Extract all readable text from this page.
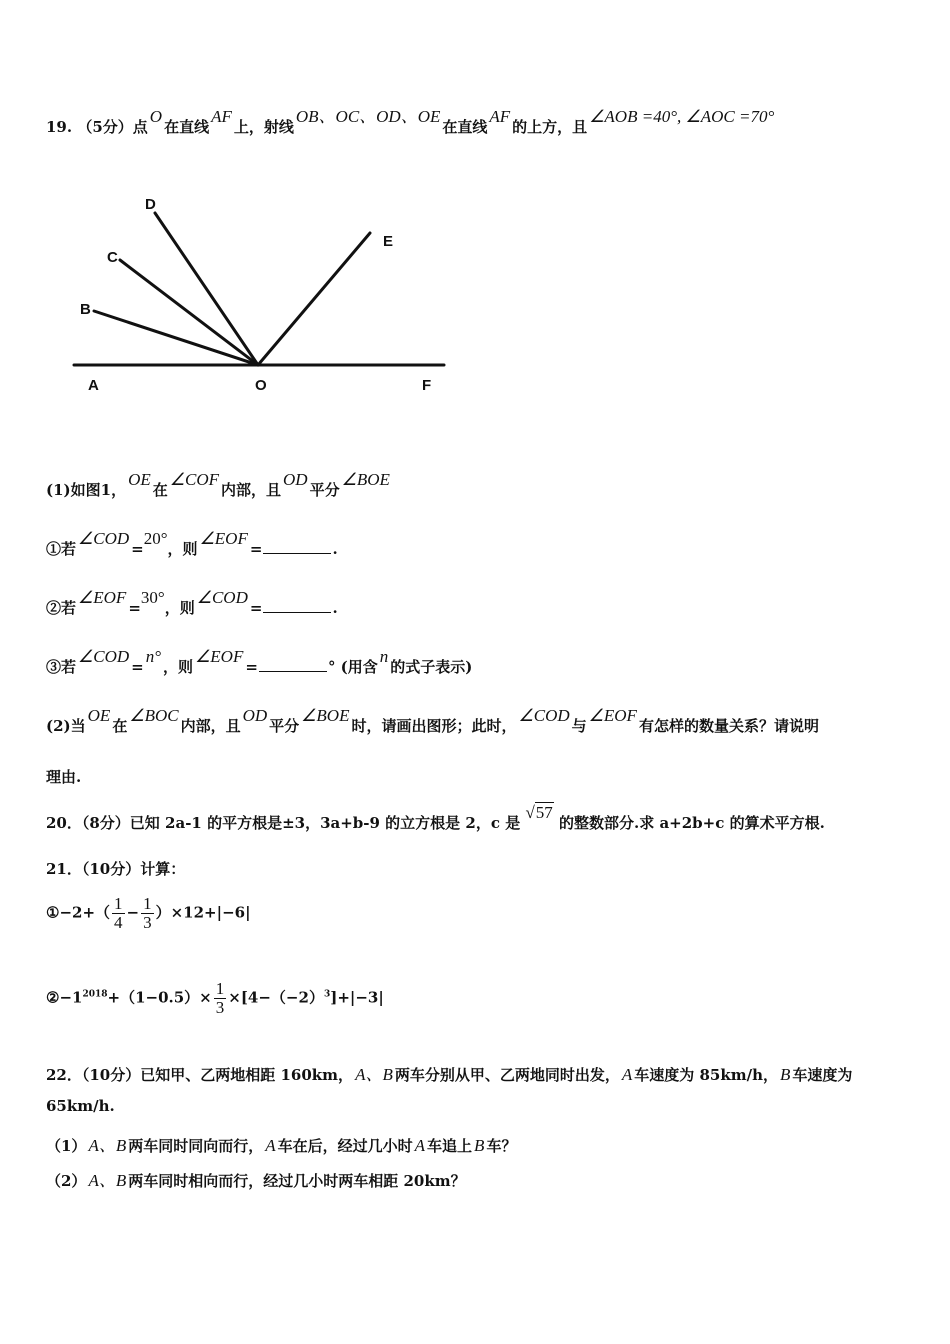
19. （5分）点O在直线AF上，射线OB、OC、OD、OE在直线AF的上方，且∠AOB =40°, ∠AOC =70°
A	O	F
B
C
D
E
(1)如图1，OE在∠COF内部，且OD平分∠BOE
①若∠COD=20°，则∠EOF=	.
②若∠EOF=30°，则∠COD=	.
③若∠COD=n°，则∠EOF=	° (用含n的式子表示)
(2)当OE在∠BOC内部，且OD平分∠BOE时，请画出图形；此时，∠COD与∠EOF有怎样的数量关系？请说明
理由.
20．（8分）已知 2a-1 的平方根是±3，3a+b-9 的立方根是 2，c 是 √57 的整数部分.求 a+2b+c 的算术平方根.
21．（10分）计算：
①−2+（ $\frac{1}{4} - \frac{1}{3} )\times 12+|-6|$
$②-1^{2018}+(1-0.5)\times \frac{1}{3} \times[4-(-2)^3]+|-3|$
22．（10分）已知甲、乙两地相距 160km， A、B 两车分别从甲、乙两地同时出发， A 车速度为 85km/h， B 车速度为
65km/h.
（1） A、B 两车同时同向而行， A 车在后，经过几小时 A 车追上 B 车？
（2） A、B 两车同时相向而行，经过几小时两车相距 20km？
